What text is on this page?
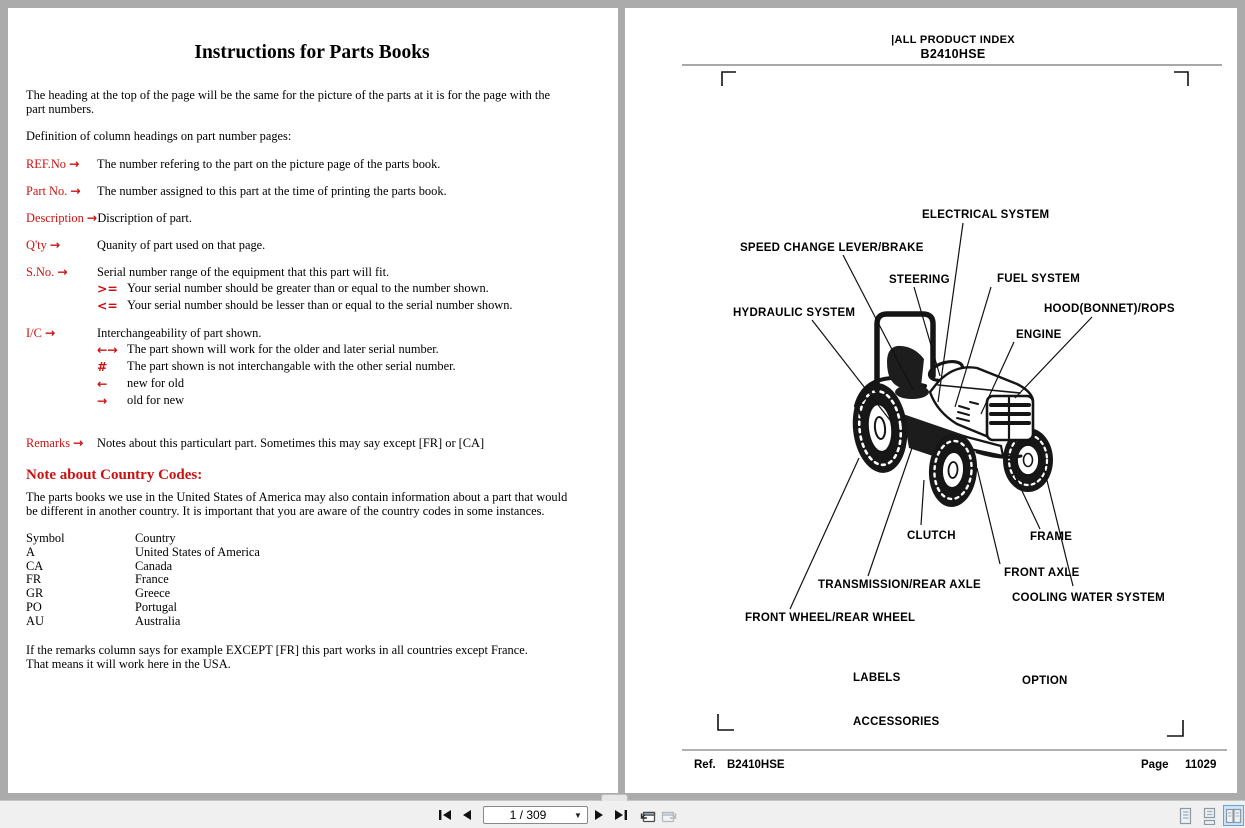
Instructions for Parts Books

The heading at the top of the page will be the same for the picture of the parts at it is for the page with the part numbers.

Definition of column headings on part number pages:

REF.No →	The number refering to the part on the picture page of the parts book.
Part No. →	The number assigned to this part at the time of printing the parts book.
Description → Discription of part.
Q'ty →	Quanity of part used on that page.
S.No. →	Serial number range of the equipment that this part will fit.
>= Your serial number should be greater than or equal to the number shown.
<= Your serial number should be lesser than or equal to the serial number shown.
I/C →	Interchangeability of part shown.
←→ The part shown will work for the older and later serial number.
#	The part shown is not interchangable with the other serial number.
←	new for old
→	old for new
Remarks →	Notes about this particulart part. Sometimes this may say except [FR] or [CA]
Note about Country Codes:

The parts books we use in the United States of America may also contain information about a part that would be different in another country. It is important that you are aware of the country codes in some instances.

Symbol	Country
A	United States of America
CA	Canada
FR	France
GR	Greece
PO	Portugal
AU	Australia
If the remarks column says for example EXCEPT [FR] this part works in all countries except France.
That means it will work here in the USA.
ELECTRICAL SYSTEM
SPEED CHANGE LEVER/BRAKE
STEERING	FUEL SYSTEM
HYDRAULIC SYSTEM	HOOD(BONNET)/ROPS
ENGINE
CLUTCH	FRAME
FRONT AXLE
TRANSMISSION/REAR AXLE
COOLING WATER SYSTEM
FRONT WHEEL/REAR WHEEL
LABELS	OPTION
ACCESSORIES
|ALL PRODUCT INDEX
B2410HSE
Ref. B2410HSE	Page 11029
1 / 309
▼
